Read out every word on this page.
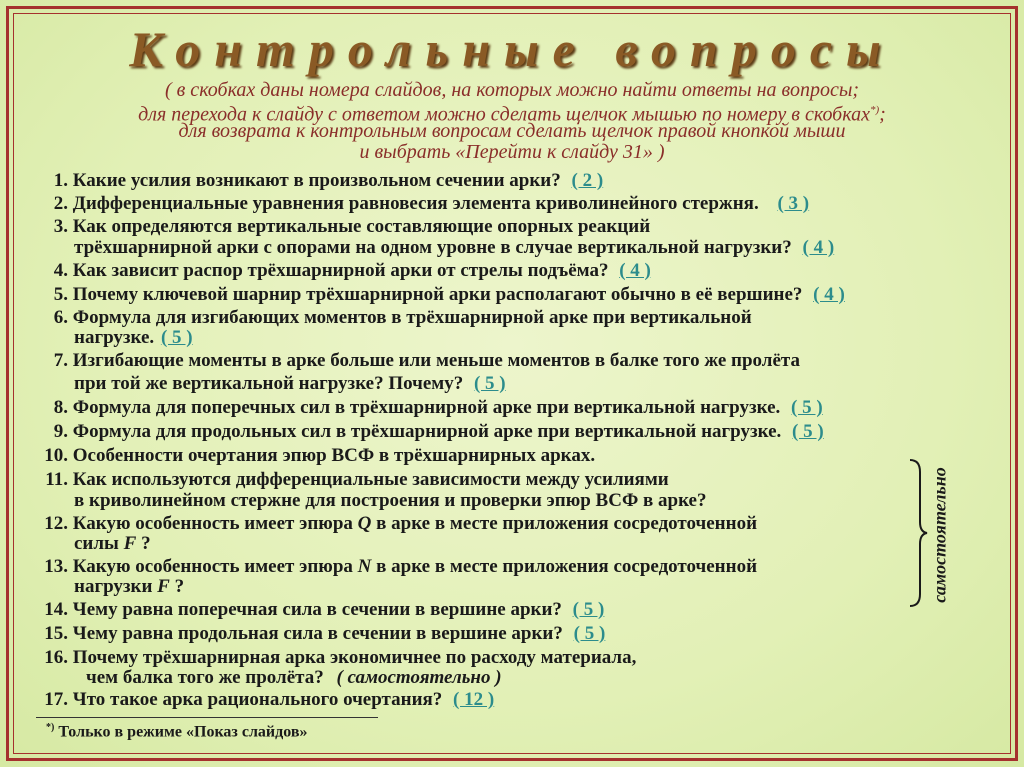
Контрольные вопросы
( в скобках даны номера слайдов, на которых можно найти ответы на вопросы;
для перехода к слайду с ответом можно сделать щелчок мышью по номеру в скобках*);
для возврата к контрольным вопросам сделать щелчок правой кнопкой мыши
и выбрать «Перейти к слайду 31» )
1. Какие усилия возникают в произвольном сечении арки? ( 2 )
2. Дифференциальные уравнения равновесия элемента криволинейного стержня. ( 3 )
3. Как определяются вертикальные составляющие опорных реакций
трёхшарнирной арки с опорами на одном уровне в случае вертикальной нагрузки? ( 4 )
4. Как зависит распор трёхшарнирной арки от стрелы подъёма? ( 4 )
5. Почему ключевой шарнир трёхшарнирной арки располагают обычно в её вершине? ( 4 )
6. Формула для изгибающих моментов в трёхшарнирной арке при вертикальной
нагрузке. ( 5 )
7. Изгибающие моменты в арке больше или меньше моментов в балке того же пролёта
при той же вертикальной нагрузке? Почему? ( 5 )
8. Формула для поперечных сил в трёхшарнирной арке при вертикальной нагрузке. ( 5 )
9. Формула для продольных сил в трёхшарнирной арке при вертикальной нагрузке. ( 5 )
10. Особенности очертания эпюр ВСФ в трёхшарнирных арках.
11. Как используются дифференциальные зависимости между усилиями
в криволинейном стержне для построения и проверки эпюр ВСФ в арке?
12. Какую особенность имеет эпюра Q в арке в месте приложения сосредоточенной
силы F ?
13. Какую особенность имеет эпюра N в арке в месте приложения сосредоточенной
нагрузки F ?
14. Чему равна поперечная сила в сечении в вершине арки? ( 5 )
15. Чему равна продольная сила в сечении в вершине арки? ( 5 )
16. Почему трёхшарнирная арка экономичнее по расходу материала,
чем балка того же пролёта? ( самостоятельно )
17. Что такое арка рационального очертания? ( 12 )
самостоятельно
*) Только в режиме «Показ слайдов»
